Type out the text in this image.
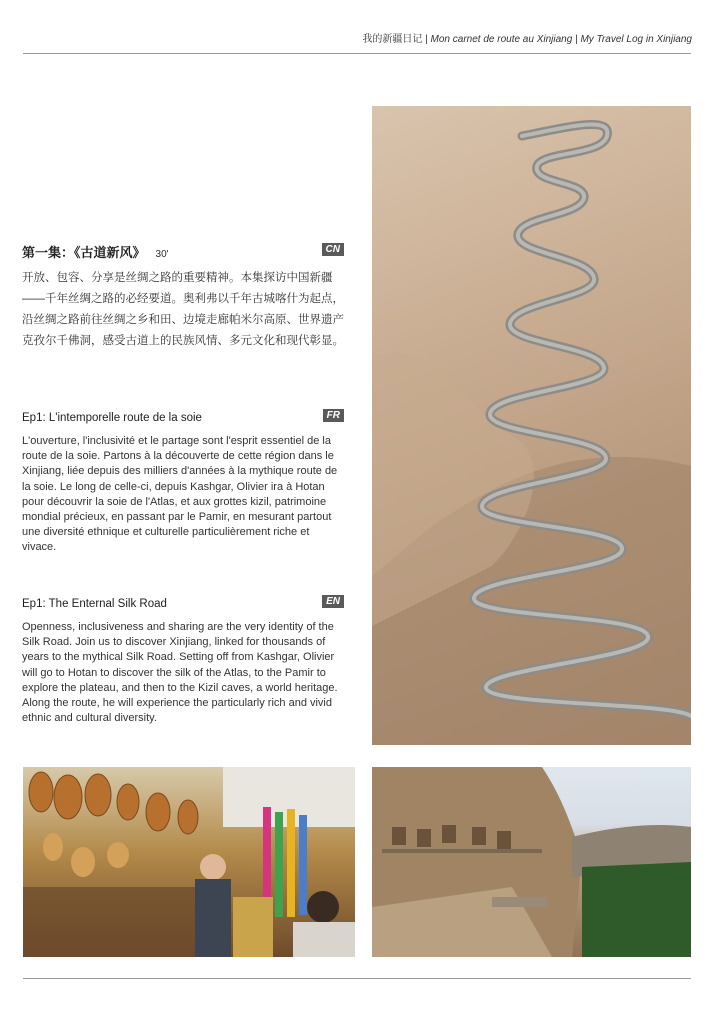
我的新疆日记 | Mon carnet de route au Xinjiang | My Travel Log in Xinjiang
第一集：《古道新风》 30'	CN
开放、包容、分享是丝绸之路的重要精神。本集探访中国新疆——千年丝绸之路的必经要道。奥利弗以千年古城喀什为起点，沿丝绸之路前往丝绸之乡和田、边境走廊帕米尔高原、世界遗产克孜尔千佛洞，感受古道上的民族风情、多元文化和现代彰显。
Ep1: L'intemporelle route de la soie	FR
L'ouverture, l'inclusivité et le partage sont l'esprit essentiel de la route de la soie. Partons à la découverte de cette région dans le Xinjiang, liée depuis des milliers d'années à la mythique route de la soie. Le long de celle-ci, depuis Kashgar, Olivier ira à Hotan pour découvrir la soie de l'Atlas, et aux grottes kizil, patrimoine mondial précieux, en passant par le Pamir, en mesurant partout une diversité ethnique et culturelle particulièrement riche et vivace.
Ep1: The Enternal Silk Road	EN
Openness, inclusiveness and sharing are the very identity of the Silk Road. Join us to discover Xinjiang, linked for thousands of years to the mythical Silk Road. Setting off from Kashgar, Olivier will go to Hotan to discover the silk of the Atlas, to the Pamir to explore the plateau, and then to the Kizil caves, a world heritage. Along the route, he will experience the particularly rich and vivid ethnic and cultural diversity.
